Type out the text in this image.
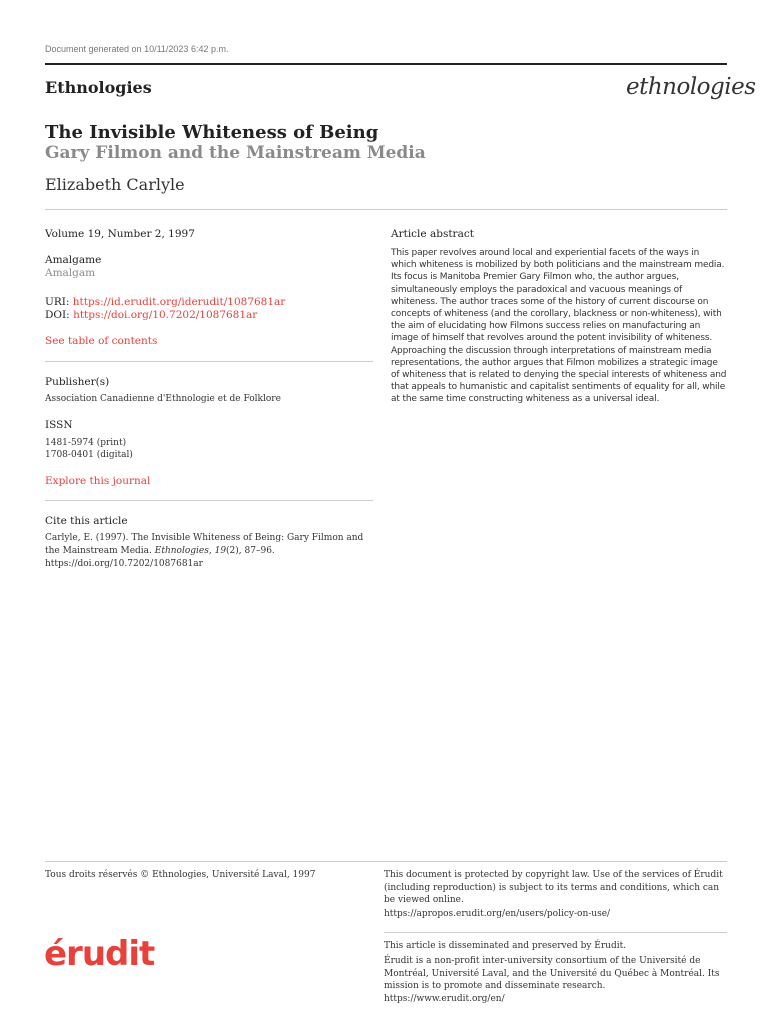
Document generated on 10/11/2023 6:42 p.m.
Ethnologies	ethnologies
The Invisible Whiteness of Being
Gary Filmon and the Mainstream Media
Elizabeth Carlyle
Volume 19, Number 2, 1997
Amalgame
Amalgam
URI: https://id.erudit.org/iderudit/1087681ar
DOI: https://doi.org/10.7202/1087681ar
See table of contents
Publisher(s)
Association Canadienne d'Ethnologie et de Folklore
ISSN
1481-5974 (print)
1708-0401 (digital)
Explore this journal
Cite this article
Carlyle, E. (1997). The Invisible Whiteness of Being: Gary Filmon and the Mainstream Media. Ethnologies, 19(2), 87–96. https://doi.org/10.7202/1087681ar
Article abstract
This paper revolves around local and experiential facets of the ways in which whiteness is mobilized by both politicians and the mainstream media. Its focus is Manitoba Premier Gary Filmon who, the author argues, simultaneously employs the paradoxical and vacuous meanings of whiteness. The author traces some of the history of current discourse on concepts of whiteness (and the corollary, blackness or non-whiteness), with the aim of elucidating how Filmons success relies on manufacturing an image of himself that revolves around the potent invisibility of whiteness. Approaching the discussion through interpretations of mainstream media representations, the author argues that Filmon mobilizes a strategic image of whiteness that is related to denying the special interests of whiteness and that appeals to humanistic and capitalist sentiments of equality for all, while at the same time constructing whiteness as a universal ideal.
Tous droits réservés © Ethnologies, Université Laval, 1997	This document is protected by copyright law. Use of the services of Érudit (including reproduction) is subject to its terms and conditions, which can be viewed online.
https://apropos.erudit.org/en/users/policy-on-use/
érudit	This article is disseminated and preserved by Érudit.
Érudit is a non-profit inter-university consortium of the Université de Montréal, Université Laval, and the Université du Québec à Montréal. Its mission is to promote and disseminate research.
https://www.erudit.org/en/
